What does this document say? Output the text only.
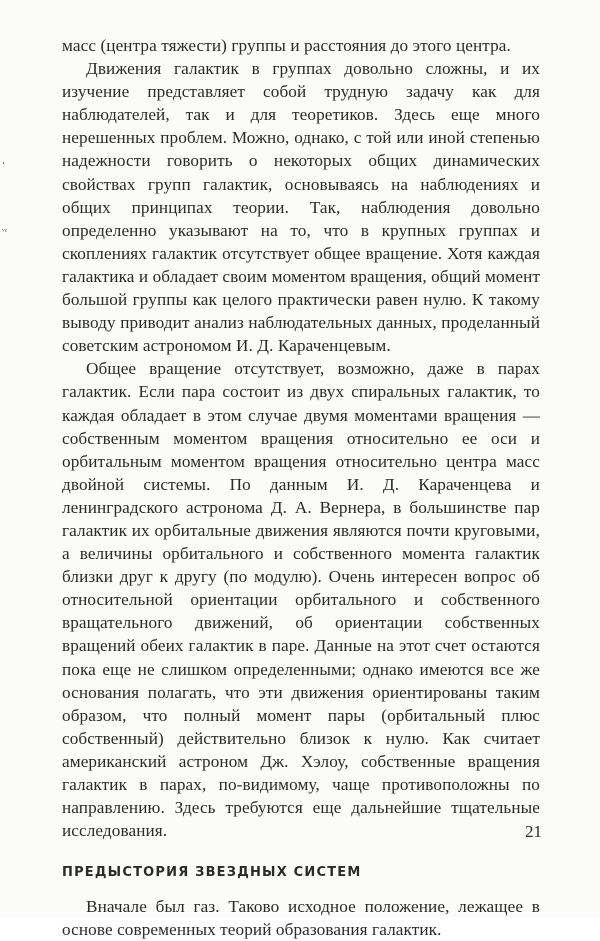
‘
ᵛᶻ

масс (центра тяжести) группы и расстояния до этого центра.

Движения галактик в группах довольно сложны, и их изучение представляет собой трудную задачу как для наблюдателей, так и для теоретиков. Здесь еще много нерешенных проблем. Можно, однако, с той или иной степенью надежности говорить о некоторых общих динамических свойствах групп галактик, основываясь на наблюдениях и общих принципах теории. Так, наблюдения довольно определенно указывают на то, что в крупных группах и скоплениях галактик отсутствует общее вращение. Хотя каждая галактика и обладает своим моментом вращения, общий момент большой группы как целого практически равен нулю. К такому выводу приводит анализ наблюдательных данных, проделанный советским астрономом И. Д. Караченцевым.

Общее вращение отсутствует, возможно, даже в парах галактик. Если пара состоит из двух спиральных галактик, то каждая обладает в этом случае двумя моментами вращения — собственным моментом вращения относительно ее оси и орбитальным моментом вращения относительно центра масс двойной системы. По данным И. Д. Караченцева и ленинградского астронома Д. А. Вернера, в большинстве пар галактик их орбитальные движения являются почти круговыми, а величины орбитального и собственного момента галактик близки друг к другу (по модулю). Очень интересен вопрос об относительной ориентации орбитального и собственного вращательного движений, об ориентации собственных вращений обеих галактик в паре. Данные на этот счет остаются пока еще не слишком определенными; однако имеются все же основания полагать, что эти движения ориентированы таким образом, что полный момент пары (орбитальный плюс собственный) действительно близок к нулю. Как считает американский астроном Дж. Хэлоу, собственные вращения галактик в парах, по-видимому, чаще противоположны по направлению. Здесь требуются еще дальнейшие тщательные исследования.

ПРЕДЫСТОРИЯ ЗВЕЗДНЫХ СИСТЕМ

Вначале был газ. Таково исходное положение, лежащее в основе современных теорий образования галактик.

21
